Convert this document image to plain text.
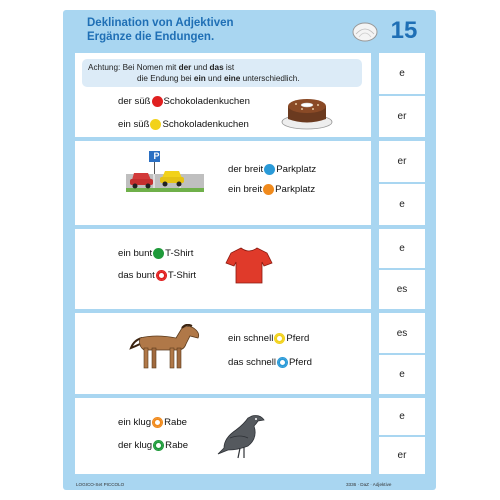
Deklination von Adjektiven
Ergänze die Endungen.	15
e
er
er
e
e
es
es
e
e
er
Achtung: Bei Nomen mit der und das ist
die Endung bei ein und eine unterschiedlich.
der süß Schokoladenkuchen
ein süß Schokoladenkuchen
der breit Parkplatz
ein breit Parkplatz
ein bunt T-Shirt
das bunt T-Shirt
ein schnell Pferd
das schnell Pferd
ein klug Rabe
der klug Rabe
P
LOGICO-Set PICCOLO	3336 · DaZ · Adjektive
